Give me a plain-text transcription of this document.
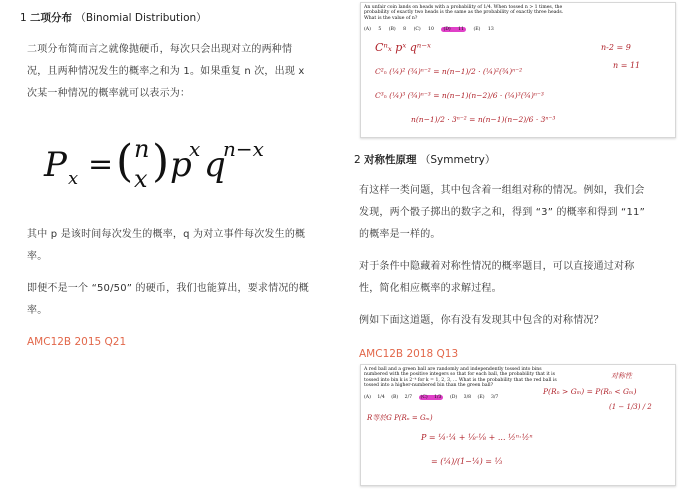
1 二项分布 （Binomial Distribution）
二项分布简而言之就像抛硬币，每次只会出现对立的两种情况，且两种情况发生的概率之和为 1。如果重复 n 次，出现 x 次某一种情况的概率就可以表示为：
P x = ( n
x ) p
x q
n−x
其中 p 是该时间每次发生的概率，q 为对立事件每次发生的概率。
即便不是一个 “50/50” 的硬币，我们也能算出，要求情况的概率。
AMC12B 2015 Q21
An unfair coin lands on heads with a probability of 1/4. When tossed n > 1 times, the probability of exactly two heads is the same as the probability of exactly three heads. What is the value of n?
(A) 5 (B) 8 (C) 10 (D) 11 (E) 13
Cⁿₓ pˣ qⁿ⁻ˣ	n-2 = 9
n = 11
C²ₙ (¼)² (¾)ⁿ⁻² = n(n−1)/2 · (¼)²(¾)ⁿ⁻²
C³ₙ (¼)³ (¾)ⁿ⁻³ = n(n−1)(n−2)/6 · (¼)³(¾)ⁿ⁻³
n(n−1)/2 · 3ⁿ⁻² = n(n−1)(n−2)/6 · 3ⁿ⁻³
2 对称性原理 （Symmetry）
有这样一类问题，其中包含着一组组对称的情况。例如，我们会发现，两个骰子掷出的数字之和，得到 “3” 的概率和得到 “11” 的概率是一样的。
对于条件中隐藏着对称性情况的概率题目，可以直接通过对称性，简化相应概率的求解过程。
例如下面这道题，你有没有发现其中包含的对称情况？
AMC12B 2018 Q13
A red ball and a green ball are randomly and independently tossed into bins numbered with the positive integers so that for each ball, the probability that it is tossed into bin k is 2⁻ᵏ for k = 1, 2, 3, ... What is the probability that the red ball is tossed into a higher-numbered bin than the green ball?
(A) 1/4 (B) 2/7 (C) 1/3 (D) 3/8 (E) 3/7
对称性
P(Rₙ > Gₘ) = P(Rₙ < Gₘ)
(1 − 1/3) / 2
R等於G P(Rₙ = Gₘ)
P = ¼·¼ + ⅛·⅛ + ... ½ⁿ·½ⁿ
= (¼)/(1−¼) = ⅓
